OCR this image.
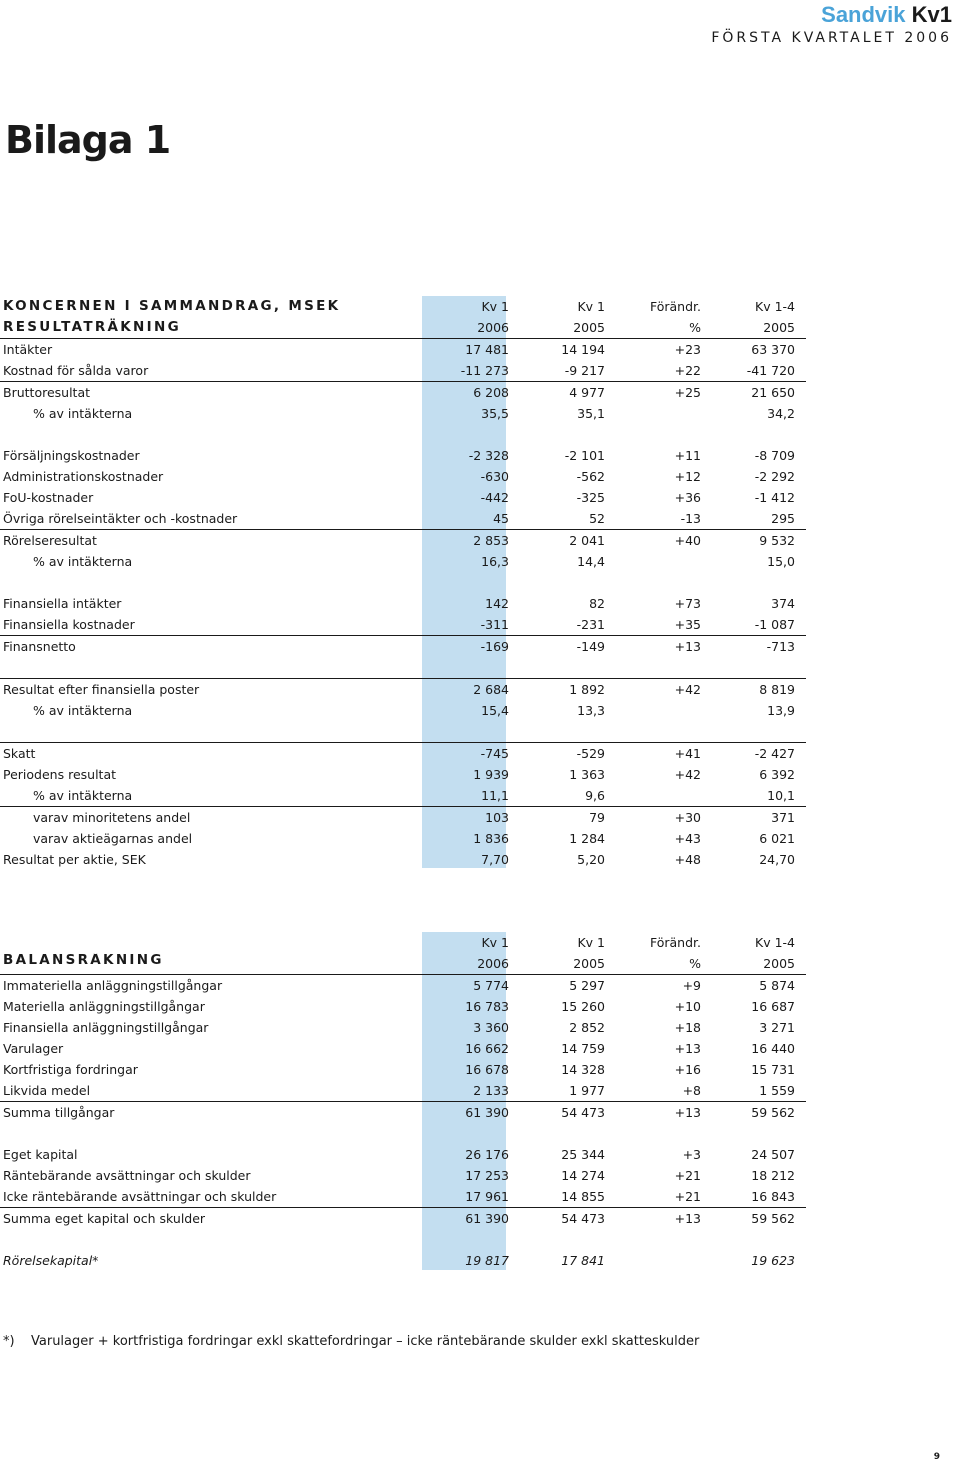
Sandvik Kv1
FÖRSTA KVARTALET 2006
Bilaga 1
KONCERNEN I SAMMANDRAG, MSEK	Kv 1	Kv 1	Förändr.	Kv 1-4
RESULTATRÄKNING	2006	2005	%	2005
Intäkter	17 481	14 194	+23	63 370
Kostnad för sålda varor	-11 273	-9 217	+22	-41 720
Bruttoresultat	6 208	4 977	+25	21 650
% av intäkterna	35,5	35,1		34,2

Försäljningskostnader	-2 328	-2 101	+11	-8 709
Administrationskostnader	-630	-562	+12	-2 292
FoU-kostnader	-442	-325	+36	-1 412
Övriga rörelseintäkter och -kostnader	45	52	-13	295
Rörelseresultat	2 853	2 041	+40	9 532
% av intäkterna	16,3	14,4		15,0

Finansiella intäkter	142	82	+73	374
Finansiella kostnader	-311	-231	+35	-1 087
Finansnetto	-169	-149	+13	-713

Resultat efter finansiella poster	2 684	1 892	+42	8 819
% av intäkterna	15,4	13,3		13,9

Skatt	-745	-529	+41	-2 427
Periodens resultat	1 939	1 363	+42	6 392
% av intäkterna	11,1	9,6		10,1
varav minoritetens andel	103	79	+30	371
varav aktieägarnas andel	1 836	1 284	+43	6 021
Resultat per aktie, SEK	7,70	5,20	+48	24,70
	Kv 1	Kv 1	Förändr.	Kv 1-4
BALANSRÄKNING	2006	2005	%	2005
Immateriella anläggningstillgångar	5 774	5 297	+9	5 874
Materiella anläggningstillgångar	16 783	15 260	+10	16 687
Finansiella anläggningstillgångar	3 360	2 852	+18	3 271
Varulager	16 662	14 759	+13	16 440
Kortfristiga fordringar	16 678	14 328	+16	15 731
Likvida medel	2 133	1 977	+8	1 559
Summa tillgångar	61 390	54 473	+13	59 562

Eget kapital	26 176	25 344	+3	24 507
Räntebärande avsättningar och skulder	17 253	14 274	+21	18 212
Icke räntebärande avsättningar och skulder	17 961	14 855	+21	16 843
Summa eget kapital och skulder	61 390	54 473	+13	59 562

Rörelsekapital*	19 817	17 841		19 623
*) Varulager + kortfristiga fordringar exkl skattefordringar – icke räntebärande skulder exkl skatteskulder
9
